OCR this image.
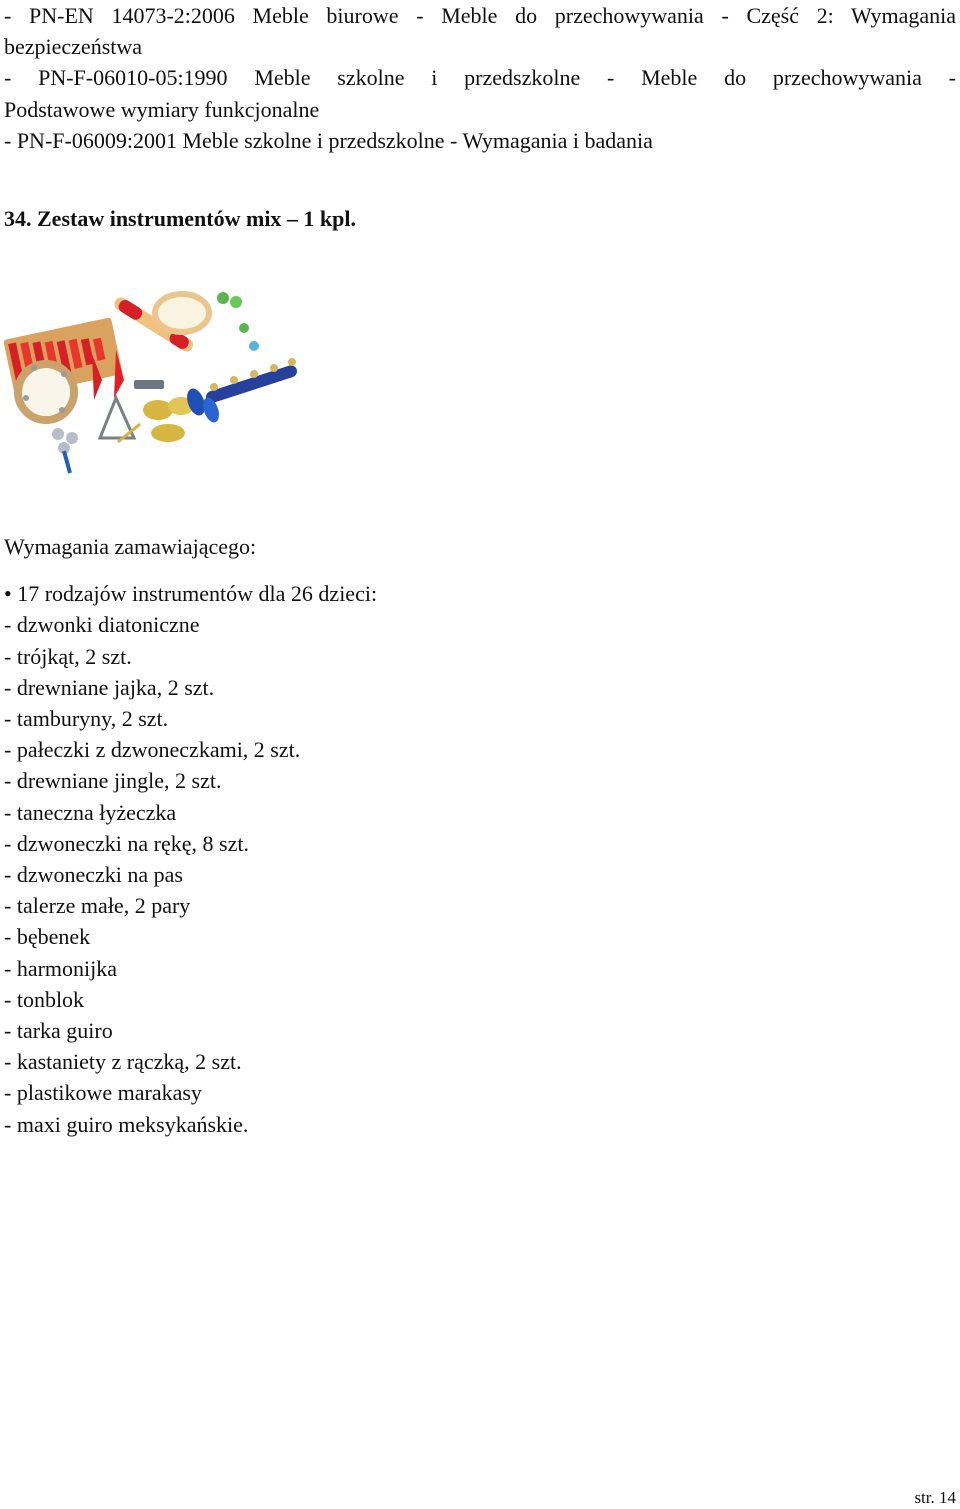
- PN-EN 14073-2:2006 Meble biurowe - Meble do przechowywania - Część 2: Wymagania
bezpieczeństwa
- PN-F-06010-05:1990 Meble szkolne i przedszkolne - Meble do przechowywania -
Podstawowe wymiary funkcjonalne
- PN-F-06009:2001 Meble szkolne i przedszkolne - Wymagania i badania
34. Zestaw instrumentów mix – 1 kpl.
Wymagania zamawiającego:
• 17 rodzajów instrumentów dla 26 dzieci:
- dzwonki diatoniczne
- trójkąt, 2 szt.
- drewniane jajka, 2 szt.
- tamburyny, 2 szt.
- pałeczki z dzwoneczkami, 2 szt.
- drewniane jingle, 2 szt.
- taneczna łyżeczka
- dzwoneczki na rękę, 8 szt.
- dzwoneczki na pas
- talerze małe, 2 pary
- bębenek
- harmonijka
- tonblok
- tarka guiro
- kastaniety z rączką, 2 szt.
- plastikowe marakasy
- maxi guiro meksykańskie.
str. 14
